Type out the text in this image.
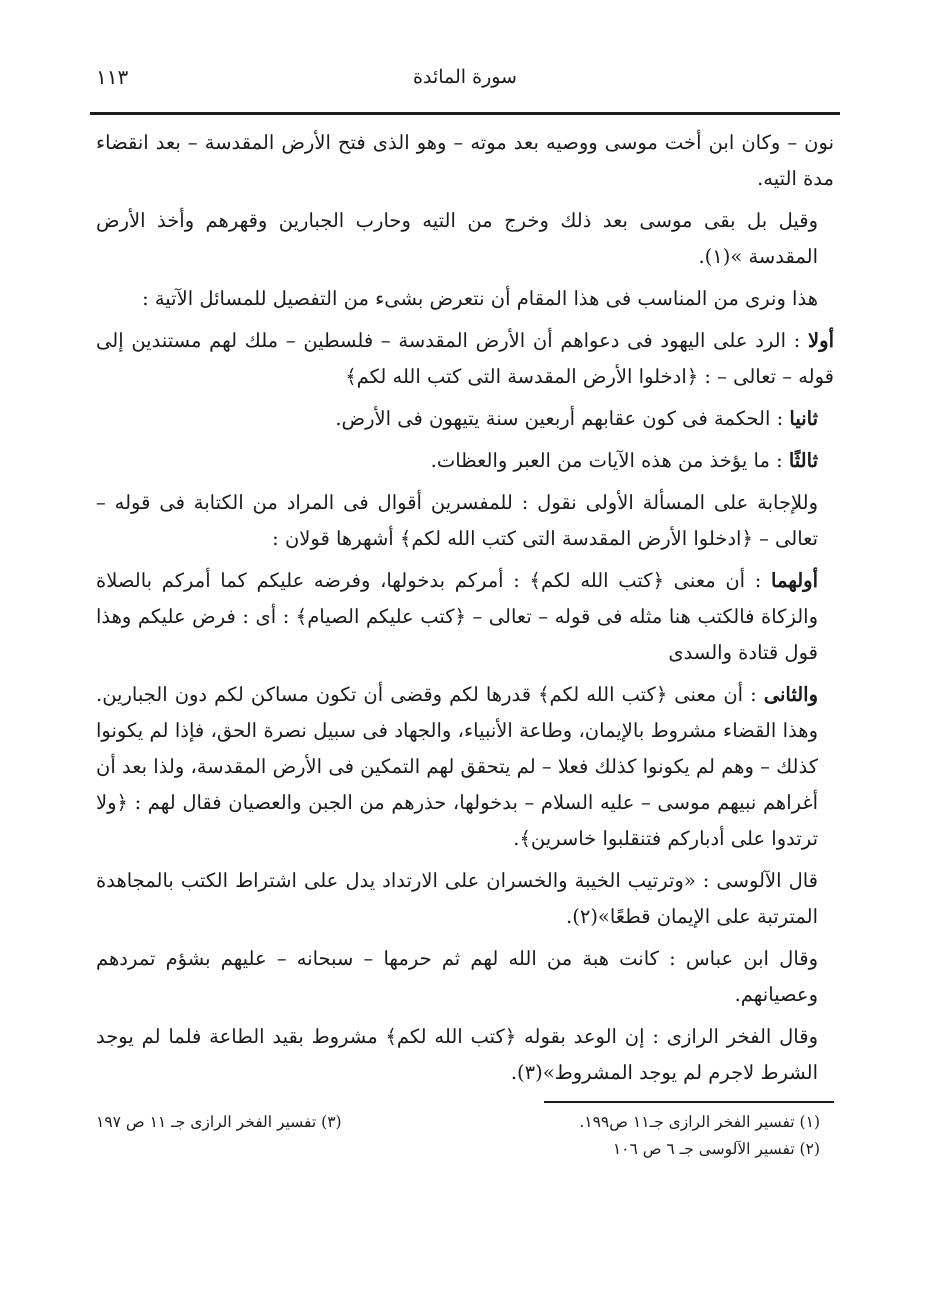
سورة المائدة
١١٣

نون – وكان ابن أخت موسى ووصيه بعد موته – وهو الذى فتح الأرض المقدسة – بعد انقضاء مدة التيه.

وقيل بل بقى موسى بعد ذلك وخرج من التيه وحارب الجبارين وقهرهم وأخذ الأرض المقدسة »(١).

هذا ونرى من المناسب فى هذا المقام أن نتعرض بشىء من التفصيل للمسائل الآتية :

أولا : الرد على اليهود فى دعواهم أن الأرض المقدسة – فلسطين – ملك لهم مستندين إلى قوله – تعالى – : ﴿ادخلوا الأرض المقدسة التى كتب الله لكم﴾

ثانيا : الحكمة فى كون عقابهم أربعين سنة يتيهون فى الأرض.

ثالثًا : ما يؤخذ من هذه الآيات من العبر والعظات.

وللإجابة على المسألة الأولى نقول : للمفسرين أقوال فى المراد من الكتابة فى قوله – تعالى – ﴿ادخلوا الأرض المقدسة التى كتب الله لكم﴾ أشهرها قولان :

أولهما : أن معنى ﴿كتب الله لكم﴾ : أمركم بدخولها، وفرضه عليكم كما أمركم بالصلاة والزكاة فالكتب هنا مثله فى قوله – تعالى – ﴿كتب عليكم الصيام﴾ : أى : فرض عليكم وهذا قول قتادة والسدى

والثانى : أن معنى ﴿كتب الله لكم﴾ قدرها لكم وقضى أن تكون مساكن لكم دون الجبارين. وهذا القضاء مشروط بالإيمان، وطاعة الأنبياء، والجهاد فى سبيل نصرة الحق، فإذا لم يكونوا كذلك – وهم لم يكونوا كذلك فعلا – لم يتحقق لهم التمكين فى الأرض المقدسة، ولذا بعد أن أغراهم نبيهم موسى – عليه السلام – بدخولها، حذرهم من الجبن والعصيان فقال لهم : ﴿ولا ترتدوا على أدباركم فتنقلبوا خاسرين﴾.

قال الآلوسى : «وترتيب الخيبة والخسران على الارتداد يدل على اشتراط الكتب بالمجاهدة المترتبة على الإيمان قطعًا»(٢).

وقال ابن عباس : كانت هبة من الله لهم ثم حرمها – سبحانه – عليهم بشؤم تمردهم وعصيانهم.

وقال الفخر الرازى : إن الوعد بقوله ﴿كتب الله لكم﴾ مشروط بقيد الطاعة فلما لم يوجد الشرط لاجرم لم يوجد المشروط»(٣).

(١) تفسير الفخر الرازى جـ١١ ص١٩٩.

(٢) تفسير الآلوسى جـ ٦ ص ١٠٦

(٣) تفسير الفخر الرازى جـ ١١ ص ١٩٧
